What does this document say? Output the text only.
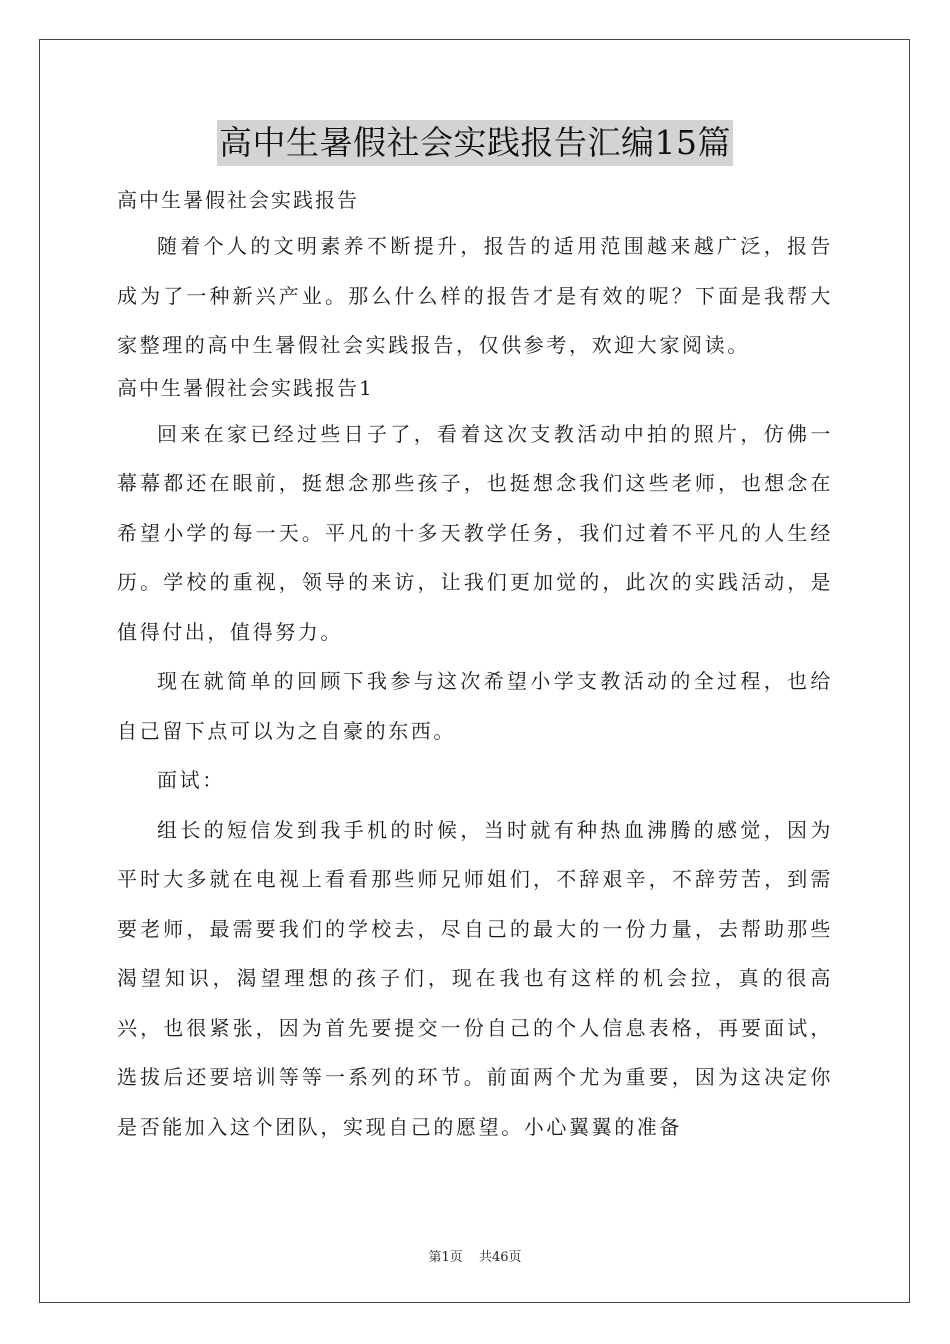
高中生暑假社会实践报告汇编15篇

高中生暑假社会实践报告

随着个人的文明素养不断提升，报告的适用范围越来越广泛，报告成为了一种新兴产业。那么什么样的报告才是有效的呢？下面是我帮大家整理的高中生暑假社会实践报告，仅供参考，欢迎大家阅读。

高中生暑假社会实践报告1

回来在家已经过些日子了，看着这次支教活动中拍的照片，仿佛一幕幕都还在眼前，挺想念那些孩子，也挺想念我们这些老师，也想念在希望小学的每一天。平凡的十多天教学任务，我们过着不平凡的人生经历。学校的重视，领导的来访，让我们更加觉的，此次的实践活动，是值得付出，值得努力。

现在就简单的回顾下我参与这次希望小学支教活动的全过程，也给自己留下点可以为之自豪的东西。

面试：

组长的短信发到我手机的时候，当时就有种热血沸腾的感觉，因为平时大多就在电视上看看那些师兄师姐们，不辞艰辛，不辞劳苦，到需要老师，最需要我们的学校去，尽自己的最大的一份力量，去帮助那些渴望知识，渴望理想的孩子们，现在我也有这样的机会拉，真的很高兴，也很紧张，因为首先要提交一份自己的个人信息表格，再要面试，选拔后还要培训等等一系列的环节。前面两个尤为重要，因为这决定你是否能加入这个团队，实现自己的愿望。小心翼翼的准备

第1页 共46页
